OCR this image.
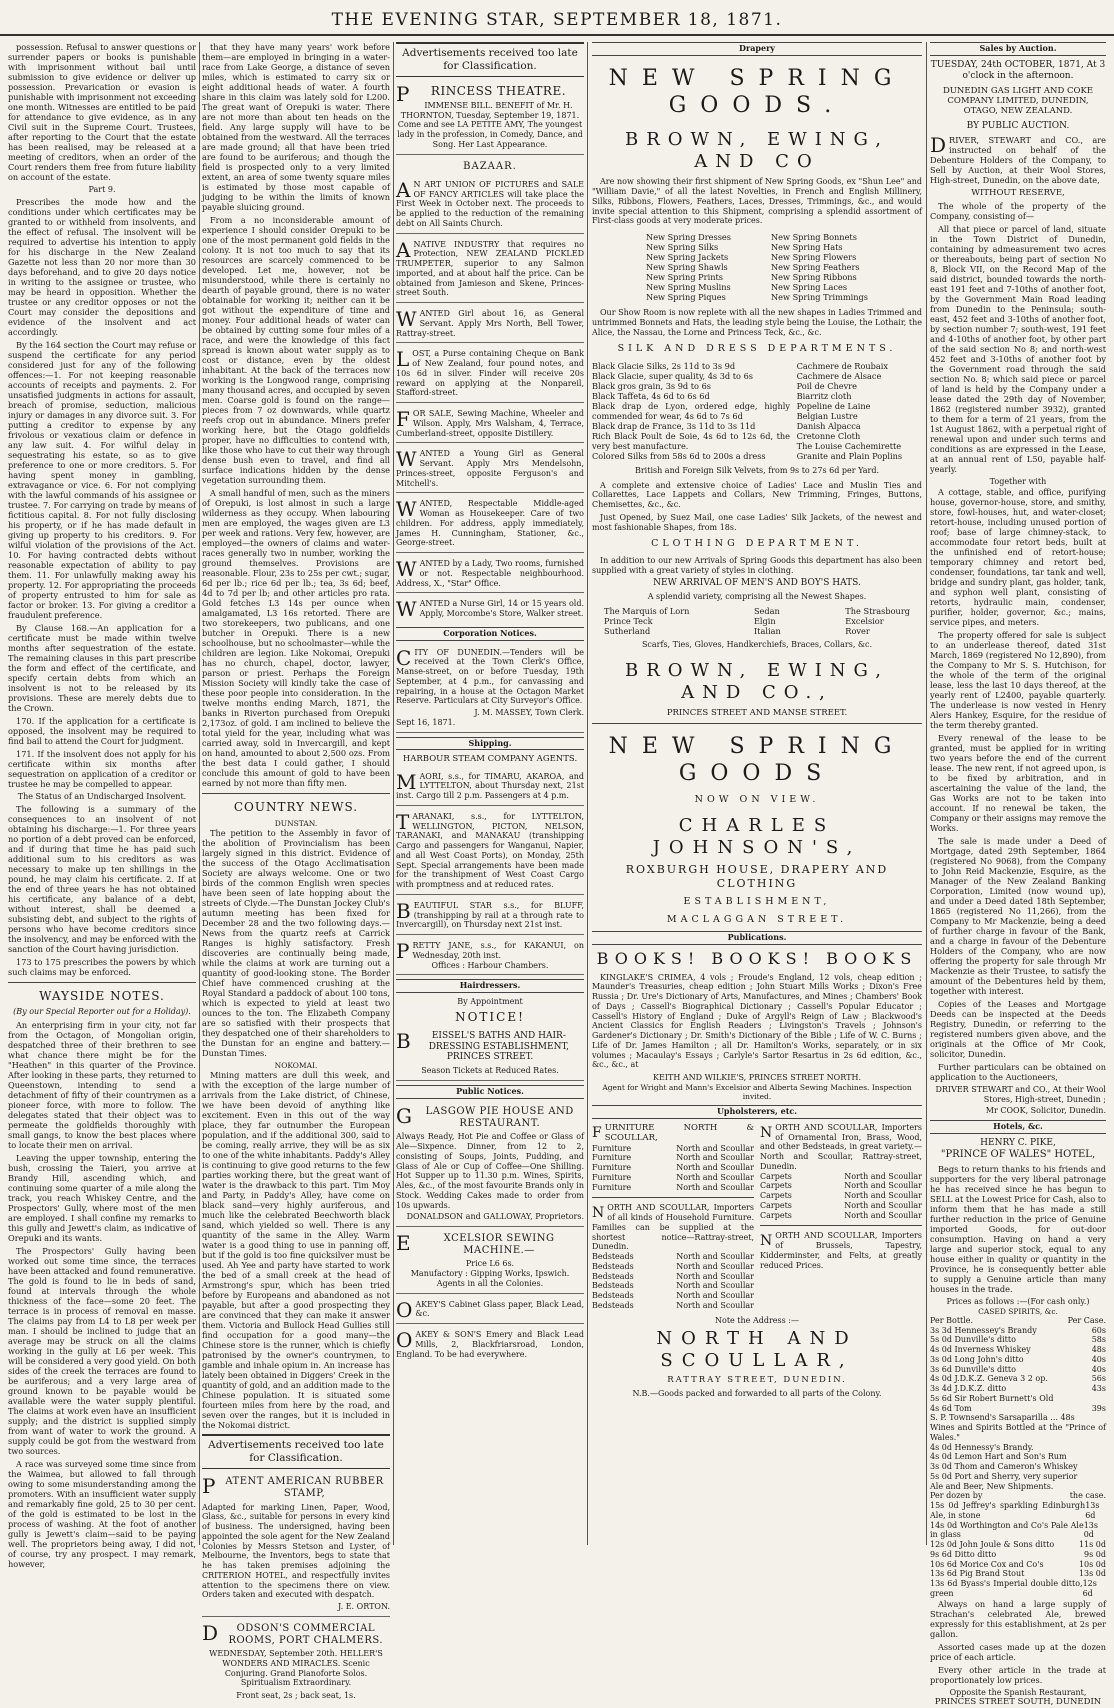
THE EVENING STAR, SEPTEMBER 18, 1871.

possession. Refusal to answer questions or surrender papers or books is punishable with imprisonment without bail until submission to give evidence or deliver up possession. Prevarication or evasion is punishable with imprisonment not exceeding one month. Witnesses are entitled to be paid for attendance to give evidence, as in any Civil suit in the Supreme Court. Trustees, after reporting to the Court that the estate has been realised, may be released at a meeting of creditors, when an order of the Court renders them free from future liability on account of the estate.

Part 9.

Prescribes the mode how and the conditions under which certificates may be granted to or withheld from insolvents, and the effect of refusal. The insolvent will be required to advertise his intention to apply for his discharge in the New Zealand Gazette not less than 20 nor more than 30 days beforehand, and to give 20 days notice in writing to the assignee or trustee, who may be heard in opposition. Whether the trustee or any creditor opposes or not the Court may consider the depositions and evidence of the insolvent and act accordingly.

By the 164 section the Court may refuse or suspend the certificate for any period considered just for any of the following offences:—1. For not keeping reasonable accounts of receipts and payments. 2. For unsatisfied judgments in actions for assault, breach of promise, seduction, malicious injury or damages in any divorce suit. 3. For putting a creditor to expense by any frivolous or vexatious claim or defence in any law suit. 4. For wilful delay in sequestrating his estate, so as to give preference to one or more creditors. 5. For having spent money in gambling, extravagance or vice. 6. For not complying with the lawful commands of his assignee or trustee. 7. For carrying on trade by means of fictitious capital. 8. For not fully disclosing his property, or if he has made default in giving up property to his creditors. 9. For wilful violation of the provisions of the Act. 10. For having contracted debts without reasonable expectation of ability to pay them. 11. For unlawfully making away his property. 12. For appropriating the proceeds of property entrusted to him for sale as factor or broker. 13. For giving a creditor a fraudulent preference.

By Clause 168.—An application for a certificate must be made within twelve months after sequestration of the estate. The remaining clauses in this part prescribe the form and effect of the certificate, and specify certain debts from which an insolvent is not to be released by its provisions. These are merely debts due to the Crown.

170. If the application for a certificate is opposed, the insolvent may be required to find bail to attend the Court for judgment.

171. If the insolvent does not apply for his certificate within six months after sequestration on application of a creditor or trustee he may be compelled to appear.

The Status of an Undischarged Insolvent.

The following is a summary of the consequences to an insolvent of not obtaining his discharge:—1. For three years no portion of a debt proved can be enforced, and if during that time he has paid such additional sum to his creditors as was necessary to make up ten shillings in the pound, he may claim his certificate. 2. If at the end of three years he has not obtained his certificate, any balance of a debt, without interest, shall be deemed a subsisting debt, and subject to the rights of persons who have become creditors since the insolvency, and may be enforced with the sanction of the Court having jurisdiction.

173 to 175 prescribes the powers by which such claims may be enforced.

WAYSIDE NOTES.
(By our Special Reporter out for a Holiday).

An enterprising firm in your city, not far from the Octagon, of Mongolian origin, despatched three of their brethren to see what chance there might be for the "Heathen" in this quarter of the Province. After looking in these parts, they returned to Queenstown, intending to send a detachment of fifty of their countrymen as a pioneer force, with more to follow. The delegates stated that their object was to permeate the goldfields thoroughly with small gangs, to know the best places where to locate their men on arrival.

Leaving the upper township, entering the bush, crossing the Taieri, you arrive at Brandy Hill, ascending which, and continuing some quarter of a mile along the track, you reach Whiskey Centre, and the Prospectors' Gully, where most of the men are employed. I shall confine my remarks to this gully and Jewett's claim, as indicative of Orepuki and its wants.

The Prospectors' Gully having been worked out some time since, the terraces have been attacked and found remunerative. The gold is found to lie in beds of sand, found at intervals through the whole thickness of the face—some 20 feet. The terrace is in process of removal en masse. The claims pay from L4 to L8 per week per man. I should be inclined to judge that an average may be struck on all the claims working in the gully at L6 per week. This will be considered a very good yield. On both sides of the creek the terraces are found to be auriferous; and a very large area of ground known to be payable would be available were the water supply plentiful. The claims at work even have an insufficient supply; and the district is supplied simply from want of water to work the ground. A supply could be got from the westward from two sources.

A race was surveyed some time since from the Waimea, but allowed to fall through owing to some misunderstanding among the promoters. With an insufficient water supply and remarkably fine gold, 25 to 30 per cent. of the gold is estimated to be lost in the process of washing. At the foot of another gully is Jewett's claim—said to be paying well. The proprietors being away, I did not, of course, try any prospect. I may remark, however,

that they have many years' work before them—are employed in bringing in a water-race from Lake George, a distance of seven miles, which is estimated to carry six or eight additional heads of water. A fourth share in this claim was lately sold for L200. The great want of Orepuki is water. There are not more than about ten heads on the field. Any large supply will have to be obtained from the westward. All the terraces are made ground; all that have been tried are found to be auriferous; and though the field is prospected only to a very limited extent, an area of some twenty square miles is estimated by those most capable of judging to be within the limits of known payable sluicing ground.

From a no inconsiderable amount of experience I should consider Orepuki to be one of the most permanent gold fields in the colony. It is not too much to say that its resources are scarcely commenced to be developed. Let me, however, not be misunderstood, while there is certainly no dearth of payable ground, there is no water obtainable for working it; neither can it be got without the expenditure of time and money. Four additional heads of water can be obtained by cutting some four miles of a race, and were the knowledge of this fact spread is known about water supply as to cost or distance, even by the oldest inhabitant. At the back of the terraces now working is the Longwood range, comprising many thousand acres, and occupied by seven men. Coarse gold is found on the range—pieces from 7 oz downwards, while quartz reefs crop out in abundance. Miners prefer working here, but the Otago goldfields proper, have no difficulties to contend with, like those who have to cut their way through dense bush even to travel, and find all surface indications hidden by the dense vegetation surrounding them.

A small handful of men, such as the miners of Orepuki, is lost almost in such a large wilderness as they occupy. When labouring men are employed, the wages given are L3 per week and rations. Very few, however, are employed—the owners of claims and water-races generally two in number, working the ground themselves. Provisions are reasonable. Flour, 23s to 25s per cwt.; sugar, 6d per lb.; rice 6d per lb.; tea, 3s 6d; beef, 4d to 7d per lb; and other articles pro rata. Gold fetches L3 14s per ounce when amalgamated, L3 16s retorted. There are two storekeepers, two publicans, and one butcher in Orepuki. There is a new schoolhouse, but no schoolmaster—while the children are legion. Like Nokomai, Orepuki has no church, chapel, doctor, lawyer, parson or priest. Perhaps the Foreign Mission Society will kindly take the case of these poor people into consideration. In the twelve months ending March, 1871, the banks in Riverton purchased from Orepuki 2,173oz. of gold. I am inclined to believe the total yield for the year, including what was carried away, sold in Invercargill, and kept on hand, amounted to about 2,500 ozs. From the best data I could gather, I should conclude this amount of gold to have been earned by not more than fifty men.

COUNTRY NEWS.
DUNSTAN.

The petition to the Assembly in favor of the abolition of Provincialism has been largely signed in this district. Evidence of the success of the Otago Acclimatisation Society are always welcome. One or two birds of the common English wren species have been seen of late hopping about the streets of Clyde.—The Dunstan Jockey Club's autumn meeting has been fixed for December 28 and the two following days.—News from the quartz reefs at Carrick Ranges is highly satisfactory. Fresh discoveries are continually being made, while the claims at work are turning out a quantity of good-looking stone. The Border Chief have commenced crushing at the Royal Standard a paddock of about 100 tons, which is expected to yield at least two ounces to the ton. The Elizabeth Company are so satisfied with their prospects that they despatched one of their shareholders to the Dunstan for an engine and battery.—Dunstan Times.

NOKOMAI.

Mining matters are dull this week, and with the exception of the large number of arrivals from the Lake district, of Chinese, we have been devoid of anything like excitement. Even in this out of the way place, they far outnumber the European population, and if the additional 300, said to be coming, really arrive, they will be as six to one of the white inhabitants. Paddy's Alley is continuing to give good returns to the few parties working there, but the great want of water is the drawback to this part. Tim Moy and Party, in Paddy's Alley, have come on black sand—very highly auriferous, and much like the celebrated Beechworth black sand, which yielded so well. There is any quantity of the same in the Alley. Warm water is a good thing to use in panning off, but if the gold is too fine quicksilver must be used. Ah Yee and party have started to work the bed of a small creek at the head of Armstrong's spur, which has been tried before by Europeans and abandoned as not payable, but after a good prospecting they are convinced that they can make it answer them. Victoria and Bullock Head Gullies still find occupation for a good many—the Chinese store is the runner, which is chiefly patronised by the owner's countrymen, to gamble and inhale opium in. An increase has lately been obtained in Diggers' Creek in the quantity of gold, and an addition made to the Chinese population. It is situated some fourteen miles from here by the road, and seven over the ranges, but it is included in the Nokomai district.

Advertisements received too late for Classification.
PATENT AMERICAN RUBBER STAMP,
Adapted for marking Linen, Paper, Wood, Glass, &c., suitable for persons in every kind of business. The undersigned, having been appointed the sole agent for the New Zealand Colonies by Messrs Stetson and Lyster, of Melbourne, the Inventors, begs to state that he has taken premises adjoining the CRITERION HOTEL, and respectfully invites attention to the specimens there on view. Orders taken and executed with despatch.
J. E. ORTON.
D ODSON'S COMMERCIAL ROOMS, PORT CHALMERS.
WEDNESDAY, September 20th. HELLER'S WONDERS AND MIRACLES. Scenic Conjuring. Grand Pianoforte Solos. Spiritualism Extraordinary.
Front seat, 2s ; back seat, 1s.
Advertisements received too late for Classification.
P RINCESS THEATRE.
IMMENSE BILL. BENEFIT of Mr. H. THORNTON, Tuesday, September 19, 1871. Come and see LA PETITE AMY, The youngest lady in the profession, in Comedy, Dance, and Song. Her Last Appearance.
BAZAAR.
A N ART UNION OF PICTURES and SALE OF FANCY ARTICLES will take place the First Week in October next. The proceeds to be applied to the reduction of the remaining debt on All Saints Church.
A NATIVE INDUSTRY that requires no Protection, NEW ZEALAND PICKLED TRUMPETER, superior to any Salmon imported, and at about half the price. Can be obtained from Jamieson and Skene, Princes-street South.
W ANTED Girl about 16, as General Servant. Apply Mrs North, Bell Tower, Rattray-street.
L OST, a Purse containing Cheque on Bank of New Zealand, four pound notes, and 10s 6d in silver. Finder will receive 20s reward on applying at the Nonpareil, Stafford-street.
F OR SALE, Sewing Machine, Wheeler and Wilson. Apply, Mrs Walsham, 4, Terrace, Cumberland-street, opposite Distillery.
W ANTED a Young Girl as General Servant. Apply Mrs Mendelsohn, Princes-street, opposite Ferguson's and Mitchell's.
W ANTED, Respectable Middle-aged Woman as Housekeeper. Care of two children. For address, apply immediately, James H. Cunningham, Stationer, &c., George-street.
W ANTED by a Lady, Two rooms, furnished or not. Respectable neighbourhood. Address, X., "Star" Office.
W ANTED a Nurse Girl, 14 or 15 years old. Apply, Morcombe's Store, Walker street.
Corporation Notices.
C ITY OF DUNEDIN.—Tenders will be received at the Town Clerk's Office, Manse-street, on or before Tuesday, 19th September, at 4 p.m., for canvassing and repairing, in a house at the Octagon Market Reserve. Particulars at City Surveyor's Office.
J. M. MASSEY, Town Clerk.
Sept 16, 1871.
Shipping.
HARBOUR STEAM COMPANY AGENTS.
M AORI, s.s., for TIMARU, AKAROA, and LYTTELTON, about Thursday next, 21st inst. Cargo till 2 p.m. Passengers at 4 p.m.
T ARANAKI, s.s., for LYTTELTON, WELLINGTON, PICTON, NELSON, TARANAKI, and MANAKAU (transhipping Cargo and passengers for Wanganui, Napier, and all West Coast Ports), on Monday, 25th Sept. Special arrangements have been made for the transhipment of West Coast Cargo with promptness and at reduced rates.
B EAUTIFUL STAR s.s., for BLUFF, (transhipping by rail at a through rate to Invercargill), on Thursday next 21st inst.
P RETTY JANE, s.s., for KAKANUI, on Wednesday, 20th inst.
Offices : Harbour Chambers.
Hairdressers.
By Appointment
NOTICE!
B	EISSEL'S BATHS AND HAIR-DRESSING ESTABLISHMENT, PRINCES STREET.
Season Tickets at Reduced Rates.
Public Notices.
G LASGOW PIE HOUSE AND RESTAURANT.
Always Ready, Hot Pie and Coffee or Glass of Ale—Sixpence. Dinner, from 12 to 2, consisting of Soups, Joints, Pudding, and Glass of Ale or Cup of Coffee—One Shilling. Hot Supper up to 11.30 p.m. Wines, Spirits, Ales, &c., of the most favourite Brands only in Stock. Wedding Cakes made to order from 10s upwards.
DONALDSON and GALLOWAY, Proprietors.
E	XCELSIOR SEWING MACHINE.—
Price L6 6s.
Manufactory : Gipping Works, Ipswich. Agents in all the Colonies.
O AKEY'S Cabinet Glass paper, Black Lead, &c.
O AKEY & SON'S Emery and Black Lead Mills, 2, Blackfriarsroad, London, England. To be had everywhere.
Drapery
NEW SPRING GOODS.
BROWN, EWING, AND CO

Are now showing their first shipment of New Spring Goods, ex "Shun Lee" and "William Davie," of all the latest Novelties, in French and English Millinery, Silks, Ribbons, Flowers, Feathers, Laces, Dresses, Trimmings, &c., and would invite special attention to this Shipment, comprising a splendid assortment of First-class goods at very moderate prices.

New Spring Dresses
New Spring Silks
New Spring Jackets
New Spring Shawls
New Spring Prints
New Spring Muslins
New Spring Piques
New Spring Bonnets
New Spring Hats
New Spring Flowers
New Spring Feathers
New Spring Ribbons
New Spring Laces
New Spring Trimmings

Our Show Room is now replete with all the new shapes in Ladies Trimmed and untrimmed Bonnets and Hats, the leading style being the Louise, the Lothair, the Alice, the Nassau, the Lorne and Princess Teck, &c., &c.

SILK AND DRESS DEPARTMENTS.
Black Glacie Silks, 2s 11d to 3s 9d
Black Glacie, super quality, 4s 3d to 6s
Black gros grain, 3s 9d to 6s
Black Taffeta, 4s 6d to 6s 6d
Black drap de Lyon, ordered edge, highly commended for wear, 4s 6d to 7s 6d
Black drap de France, 3s 11d to 3s 11d
Rich Black Poult de Soie, 4s 6d to 12s 6d, the very best manufacture.
Colored Silks from 58s 6d to 200s a dress
Cachmere de Roubaix
Cachmere de Alsace
Poil de Chevre
Biarritz cloth
Popeline de Laine
Belgian Lustre
Danish Alpacca
Cretonne Cloth
The Louise Cachemirette
Granite and Plain Poplins
British and Foreign Silk Velvets, from 9s to 27s 6d per Yard.

A complete and extensive choice of Ladies' Lace and Muslin Ties and Collarettes, Lace Lappets and Collars, New Trimming, Fringes, Buttons, Chemisettes, &c., &c.

Just Opened, by Suez Mail, one case Ladies' Silk Jackets, of the newest and most fashionable Shapes, from 18s.

CLOTHING DEPARTMENT.

In addition to our new Arrivals of Spring Goods this department has also been supplied with a great variety of styles in clothing.

NEW ARRIVAL OF MEN'S AND BOY'S HATS.
A splendid variety, comprising all the Newest Shapes.
The Marquis of Lorn
Prince Teck
Sutherland
Sedan
Elgin
Italian
The Strasbourg
Excelsior
Rover
Scarfs, Ties, Gloves, Handkerchiefs, Braces, Collars, &c.
BROWN, EWING, AND CO.,
PRINCES STREET AND MANSE STREET.
NEW SPRING GOODS
NOW ON VIEW.
CHARLES JOHNSON'S,
ROXBURGH HOUSE, DRAPERY AND CLOTHING
ESTABLISHMENT,
MACLAGGAN STREET.
Publications.
BOOKS! BOOKS! BOOKS

KINGLAKE'S CRIMEA, 4 vols ; Froude's England, 12 vols, cheap edition ; Maunder's Treasuries, cheap edition ; John Stuart Mills Works ; Dixon's Free Russia ; Dr. Ure's Dictionary of Arts, Manufactures, and Mines ; Chambers' Book of Days ; Cassell's Biographical Dictionary ; Cassell's Popular Educator ; Cassell's History of England ; Duke of Argyll's Reign of Law ; Blackwood's Ancient Classics for English Readers ; Livingston's Travels ; Johnson's Gardener's Dictionary ; Dr. Smith's Dictionary of the Bible ; Life of W. C. Burns ; Life of Dr. James Hamilton ; all Dr. Hamilton's Works, separately, or in six volumes ; Macaulay's Essays ; Carlyle's Sartor Resartus in 2s 6d edition, &c., &c., &c., at

KEITH AND WILKIE'S, PRINCES STREET NORTH.
Agent for Wright and Mann's Excelsior and Alberta Sewing Machines. Inspection invited.
Upholsterers, etc.
FURNITURE NORTH & SCOULLAR,
Furniture	North and Scoullar
Furniture	North and Scoullar
Furniture	North and Scoullar
Furniture	North and Scoullar
Furniture	North and Scoullar
NORTH AND SCOULLAR, Importers of all kinds of Household Furniture. Families can be supplied at the shortest notice—Rattray-street, Dunedin.
Bedsteads	North and Scoullar
Bedsteads	North and Scoullar
Bedsteads	North and Scoullar
Bedsteads	North and Scoullar
Bedsteads	North and Scoullar
Bedsteads	North and Scoullar
NORTH AND SCOULLAR, Importers of Ornamental Iron, Brass, Wood, and other Bedsteads, in great variety.—North and Scoullar, Rattray-street, Dunedin.
Carpets	North and Scoullar
Carpets	North and Scoullar
Carpets	North and Scoullar
Carpets	North and Scoullar
Carpets	North and Scoullar
NORTH AND SCOULLAR, Importers of Brussels, Tapestry, Kidderminster, and Felts, at greatly reduced Prices.
Note the Address :—
NORTH AND SCOULLAR,
RATTRAY STREET, DUNEDIN.
N.B.—Goods packed and forwarded to all parts of the Colony.
Sales by Auction.
TUESDAY, 24th OCTOBER, 1871, At 3 o'clock in the afternoon.
DUNEDIN GAS LIGHT AND COKE COMPANY LIMITED, DUNEDIN, OTAGO, NEW ZEALAND.
BY PUBLIC AUCTION.
DRIVER, STEWART and CO., are instructed on behalf of the Debenture Holders of the Company, to Sell by Auction, at their Wool Stores, High-street, Dunedin, on the above date,
WITHOUT RESERVE,

The whole of the property of the Company, consisting of—

All that piece or parcel of land, situate in the Town District of Dunedin, containing by admeasurement two acres or thereabouts, being part of section No 8, Block VII, on the Record Map of the said district, bounded towards the north-east 191 feet and 7-10ths of another foot, by the Government Main Road leading from Dunedin to the Peninsula; south-east, 452 feet and 3-10ths of another foot, by section number 7; south-west, 191 feet and 4-10ths of another foot, by other part of the said section No 8; and north-west 452 feet and 3-10ths of another foot by the Government road through the said section No. 8; which said piece or parcel of land is held by the Company under a lease dated the 29th day of November, 1862 (registered number 3932), granted to them for a term of 21 years, from the 1st August 1862, with a perpetual right of renewal upon and under such terms and conditions as are expressed in the Lease, at an annual rent of L50, payable half-yearly.

Together with

A cottage, stable, and office, purifying house, governor-house, store, and smithy, store, fowl-houses, hut, and water-closet; retort-house, including unused portion of roof; base of large chimney-stack, to accommodate four retort beds, built at the unfinished end of retort-house; temporary chimney and retort bed, condenser, foundations, tar tank and well, bridge and sundry plant, gas holder, tank, and syphon well plant, consisting of retorts, hydraulic main, condenser, purifier, holder, governor, &c.; mains, service pipes, and meters.

The property offered for sale is subject to an underlease thereof, dated 31st March, 1869 (registered No 12,890), from the Company to Mr S. S. Hutchison, for the whole of the term of the original lease, less the last 10 days thereof, at the yearly rent of L2400, payable quarterly. The underlease is now vested in Henry Alers Hankey, Esquire, for the residue of the term thereby granted.

Every renewal of the lease to be granted, must be applied for in writing two years before the end of the current lease. The new rent, if not agreed upon, is to be fixed by arbitration, and in ascertaining the value of the land, the Gas Works are not to be taken into account. If no renewal be taken, the Company or their assigns may remove the Works.

The sale is made under a Deed of Mortgage, dated 29th September, 1864 (registered No 9068), from the Company to John Reid Mackenzie, Esquire, as the Manager of the New Zealand Banking Corporation, Limited (now wound up), and under a Deed dated 18th September, 1865 (registered No 11,266), from the Company to Mr Mackenzie, being a deed of further charge in favour of the Bank, and a charge in favour of the Debenture Holders of the Company, who are now offering the property for sale through Mr Mackenzie as their Trustee, to satisfy the amount of the Debentures held by them, together with interest.

Copies of the Leases and Mortgage Deeds can be inspected at the Deeds Registry, Dunedin, or referring to the registered numbers given above, and the originals at the Office of Mr Cook, solicitor, Dunedin.

Further particulars can be obtained on application to the Auctioneers,

DRIVER STEWART and CO., At their Wool Stores, High-street, Dunedin ;
Mr COOK, Solicitor, Dunedin.
Hotels, &c.
HENRY C. PIKE,
"PRINCE OF WALES" HOTEL,

Begs to return thanks to his friends and supporters for the very liberal patronage he has received since he has begun to SELL at the Lowest Price for Cash, also to inform them that he has made a still further reduction in the price of Genuine imported Goods, for out-door consumption. Having on hand a very large and superior stock, equal to any house either in quality or quantity in the Province, he is consequently better able to supply a Genuine article than many houses in the trade.

Prices as follows :—(For cash only.)
CASED SPIRITS, &c.
Per Bottle.	Per Case.
3s 3d Hennessey's Brandy	60s
5s 0d Dunville's ditto	58s
4s 0d Inverness Whiskey	48s
3s 0d Long John's ditto	40s
3s 6d Dunville's ditto	40s
4s 0d J.D.K.Z. Geneva 3 2 op.	56s
3s 4d J.D.K.Z. ditto	43s
5s 6d Sir Robert Burnett's Old
4s 6d Tom	39s
S. P. Townsend's Sarsaparilla ... 48s
Wines and Spirits Bottled at the "Prince of Wales."
4s 0d Hennessy's Brandy.
4s 0d Lemon Hart and Son's Rum
3s 0d Thom and Cameron's Whiskey
5s 0d Port and Sherry, very superior
Ale and Beer, New Shipments.
Per dozen by	the case.
15s 0d Jeffrey's sparkling Edinburgh Ale, in stone
13s 6d
14s 0d Worthington and Co's Pale Ale in glass
13s 0d
12s 0d John Joule & Sons ditto	11s 0d
9s 6d Ditto ditto	9s 0d
10s 6d Morice Cox and Co's	10s 0d
13s 6d Pig Brand Stout	13s 0d
13s 6d Byass's Imperial double ditto, green
12s 6d

Always on hand a large supply of Strachan's celebrated Ale, brewed expressly for this establishment, at 2s per gallon.

Assorted cases made up at the dozen price of each article.

Every other article in the trade at proportionately low prices.

Opposite the Spanish Restaurant,
PRINCES STREET SOUTH, DUNEDIN
